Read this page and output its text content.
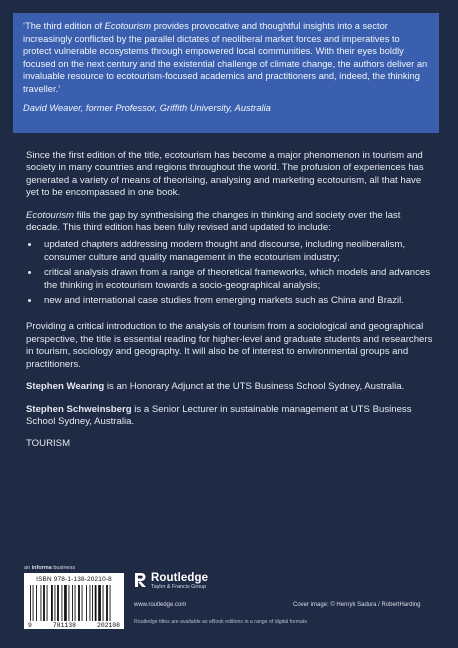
‘The third edition of Ecotourism provides provocative and thoughtful insights into a sector increasingly conflicted by the parallel dictates of neoliberal market forces and imperatives to protect vulnerable ecosystems through empowered local communities. With their eyes boldly focused on the next century and the existential challenge of climate change, the authors deliver an invaluable resource to ecotourism-focused academics and practitioners and, indeed, the thinking traveller.’

David Weaver, former Professor, Griffith University, Australia

Since the first edition of the title, ecotourism has become a major phenomenon in tourism and society in many countries and regions throughout the world. The profusion of experiences has generated a variety of means of theorising, analysing and marketing ecotourism, all that have yet to be encompassed in one book.

Ecotourism fills the gap by synthesising the changes in thinking and society over the last decade. This third edition has been fully revised and updated to include:

• updated chapters addressing modern thought and discourse, including neoliberalism, consumer culture and quality management in the ecotourism industry;
• critical analysis drawn from a range of theoretical frameworks, which models and advances the thinking in ecotourism towards a socio-geographical analysis;
• new and international case studies from emerging markets such as China and Brazil.

Providing a critical introduction to the analysis of tourism from a sociological and geographical perspective, the title is essential reading for higher-level and graduate students and researchers in tourism, sociology and geography. It will also be of interest to environmental groups and practitioners.

Stephen Wearing is an Honorary Adjunct at the UTS Business School Sydney, Australia.

Stephen Schweinsberg is a Senior Lecturer in sustainable management at UTS Business School Sydney, Australia.

TOURISM

an informa business
ISBN 978-1-138-20210-8
9	781138	202108
Routledge
Taylor & Francis Group
www.routledge.com	Cover image: © Henryk Sadura / RobertHarding
Routledge titles are available as eBook editions in a range of digital formats
